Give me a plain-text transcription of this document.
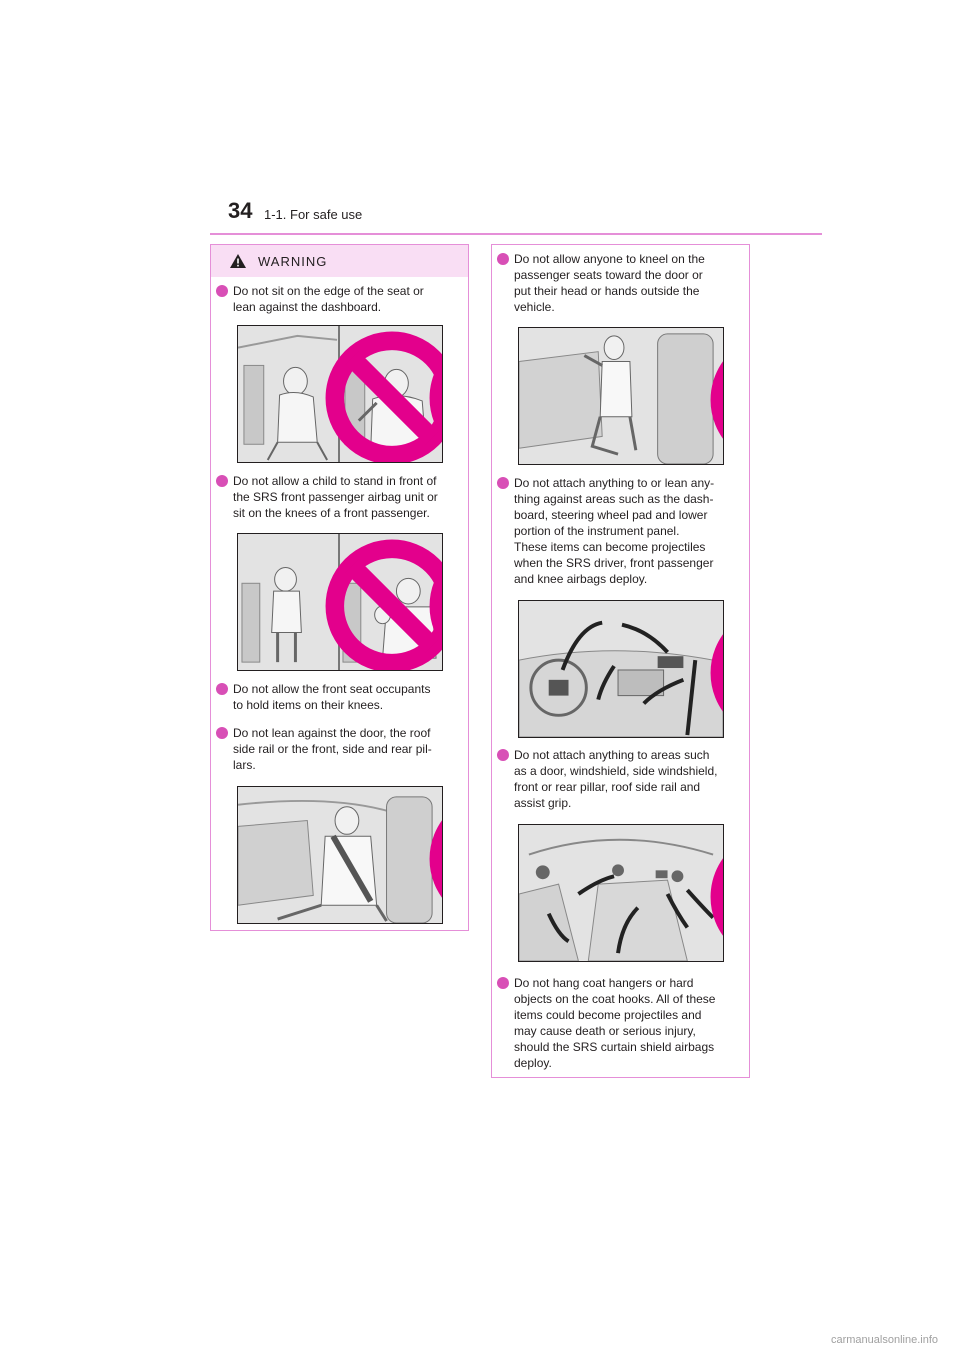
34 1-1. For safe use
WARNING
Do not sit on the edge of the seat or
lean against the dashboard.
Do not allow a child to stand in front of
the SRS front passenger airbag unit or
sit on the knees of a front passenger.
Do not allow the front seat occupants
to hold items on their knees.
Do not lean against the door, the roof
side rail or the front, side and rear pil-
lars.
Do not allow anyone to kneel on the
passenger seats toward the door or
put their head or hands outside the
vehicle.
Do not attach anything to or lean any-
thing against areas such as the dash-
board, steering wheel pad and lower
portion of the instrument panel.
These items can become projectiles
when the SRS driver, front passenger
and knee airbags deploy.
Do not attach anything to areas such
as a door, windshield, side windshield,
front or rear pillar, roof side rail and
assist grip.
Do not hang coat hangers or hard
objects on the coat hooks. All of these
items could become projectiles and
may cause death or serious injury,
should the SRS curtain shield airbags
deploy.
carmanualsonline.info
